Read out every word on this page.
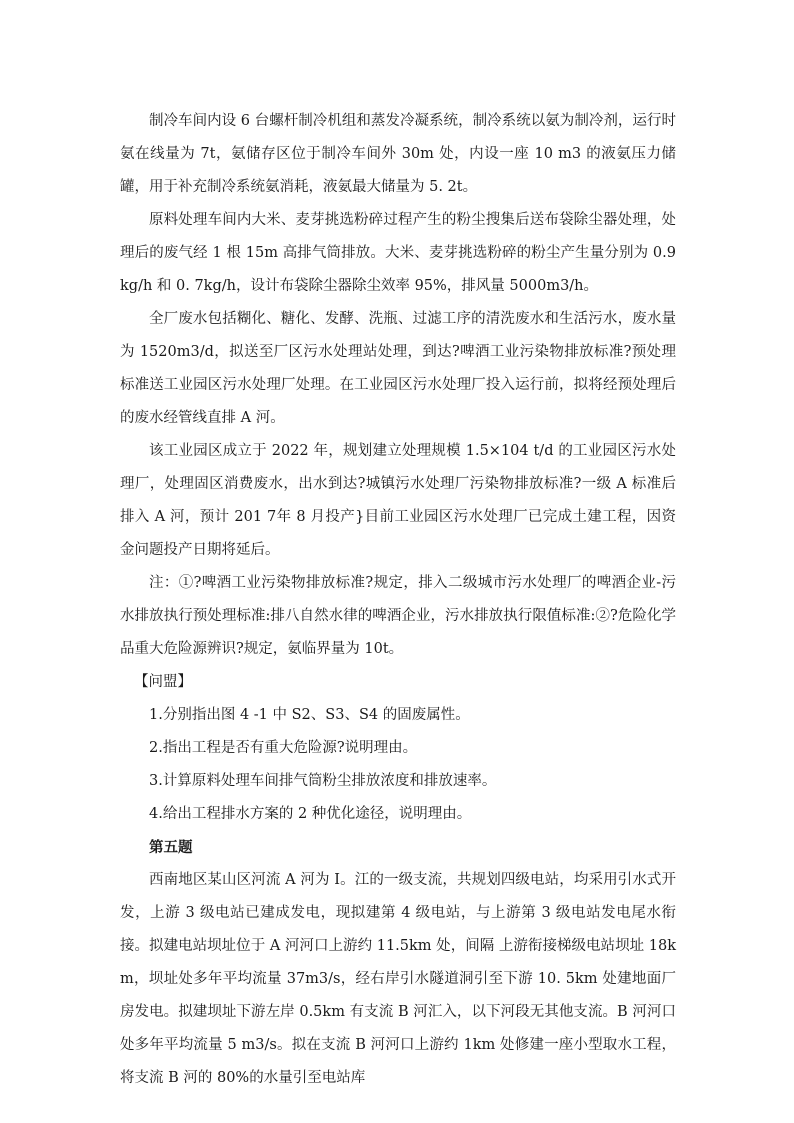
制冷车间内设 6 台螺杆制冷机组和蒸发冷凝系统，制冷系统以氨为制冷剂，运行时氨在线量为 7t，氨储存区位于制冷车间外 30m 处，内设一座 10 m3 的液氨压力储罐，用于补充制冷系统氨消耗，液氨最大储量为 5. 2t。

原料处理车间内大米、麦芽挑选粉碎过程产生的粉尘搜集后送布袋除尘器处理，处理后的废气经 1 根 15m 高排气筒排放。大米、麦芽挑选粉碎的粉尘产生量分别为 0.9kg/h 和 0. 7kg/h，设计布袋除尘器除尘效率 95%，排风量 5000m3/h。

全厂废水包括糊化、糖化、发酵、洗瓶、过滤工序的清洗废水和生活污水，废水量为 1520m3/d，拟送至厂区污水处理站处理，到达?啤酒工业污染物排放标准?预处理标准送工业园区污水处理厂处理。在工业园区污水处理厂投入运行前，拟将经预处理后的废水经管线直排 A 河。

该工业园区成立于 2022 年，规划建立处理规模 1.5×104 t/d 的工业园区污水处理厂，处理固区消费废水，出水到达?城镇污水处理厂污染物排放标准?一级 A 标准后排入 A 河，预计 201 7年 8 月投产}目前工业园区污水处理厂已完成土建工程，因资金问题投产日期将延后。

注：①?啤酒工业污染物排放标准?规定，排入二级城市污水处理厂的啤酒企业-污水排放执行预处理标准:排八自然水律的啤酒企业，污水排放执行限值标准:②?危险化学品重大危险源辨识?规定，氨临界量为 10t。

【问盟】

1.分别指出图 4 -1 中 S2、S3、S4 的固废属性。

2.指出工程是否有重大危险源?说明理由。

3.计算原料处理车间排气筒粉尘排放浓度和排放速率。

4.给出工程排水方案的 2 种优化途径，说明理由。

第五题

西南地区某山区河流 A 河为 I。江的一级支流，共规划四级电站，均采用引水式开发，上游 3 级电站已建成发电，现拟建第 4 级电站，与上游第 3 级电站发电尾水衔接。拟建电站坝址位于 A 河河口上游约 11.5km 处，间隔 上游衔接梯级电站坝址 18km，坝址处多年平均流量 37m3/s，经右岸引水隧道洞引至下游 10. 5km 处建地面厂房发电。拟建坝址下游左岸 0.5km 有支流 B 河汇入，以下河段无其他支流。B 河河口处多年平均流量 5 m3/s。拟在支流 B 河河口上游约 1km 处修建一座小型取水工程，将支流 B 河的 80%的水量引至电站库
